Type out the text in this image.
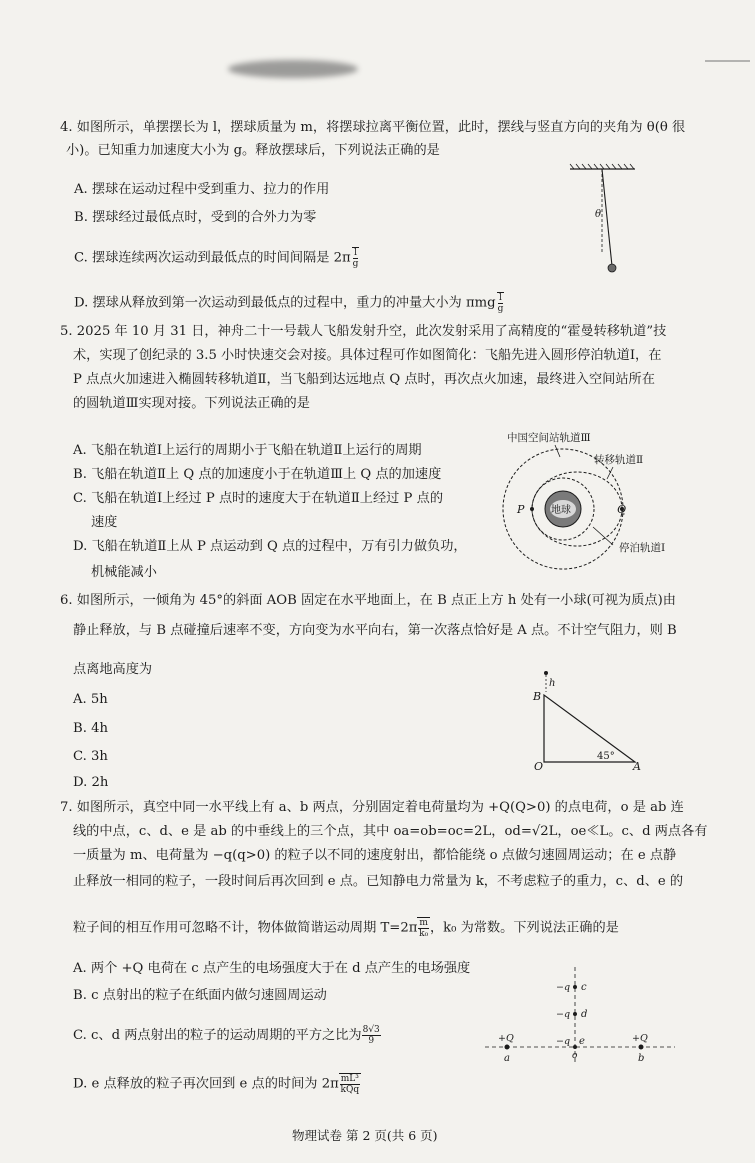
4. 如图所示，单摆摆长为 l，摆球质量为 m，将摆球拉离平衡位置，此时，摆线与竖直方向的夹角为 θ(θ 很
小)。已知重力加速度大小为 g。释放摆球后，下列说法正确的是
A. 摆球在运动过程中受到重力、拉力的作用
B. 摆球经过最低点时，受到的合外力为零
C. 摆球连续两次运动到最低点的时间间隔是 $2\pi \frac{l}{g}$
D. 摆球从释放到第一次运动到最低点的过程中，重力的冲量大小为 πmg $\frac{l}{g}$
θ
5. 2025 年 10 月 31 日，神舟二十一号载人飞船发射升空，此次发射采用了高精度的“霍曼转移轨道”技
术，实现了创纪录的 3.5 小时快速交会对接。具体过程可作如图简化：飞船先进入圆形停泊轨道Ⅰ，在
P 点点火加速进入椭圆转移轨道Ⅱ，当飞船到达远地点 Q 点时，再次点火加速，最终进入空间站所在
的圆轨道Ⅲ实现对接。下列说法正确的是
A. 飞船在轨道Ⅰ上运行的周期小于飞船在轨道Ⅱ上运行的周期
B. 飞船在轨道Ⅱ上 Q 点的加速度小于在轨道Ⅲ上 Q 点的加速度
C. 飞船在轨道Ⅰ上经过 P 点时的速度大于在轨道Ⅱ上经过 P 点的
速度
D. 飞船在轨道Ⅱ上从 P 点运动到 Q 点的过程中，万有引力做负功，
机械能减小
中国空间站轨道Ⅲ
地球
P	Q
转移轨道Ⅱ
停泊轨道Ⅰ
6. 如图所示，一倾角为 45°的斜面 AOB 固定在水平地面上，在 B 点正上方 h 处有一小球(可视为质点)由
静止释放，与 B 点碰撞后速率不变，方向变为水平向右，第一次落点恰好是 A 点。不计空气阻力，则 B
点离地高度为
A. 5h
B. 4h
C. 3h
D. 2h
h
B
O	A
45°
7. 如图所示，真空中同一水平线上有 a、b 两点，分别固定着电荷量均为 +Q(Q>0) 的点电荷，o 是 ab 连
线的中点，c、d、e 是 ab 的中垂线上的三个点，其中 oa=ob=oc=2L，od=√2L，oe≪L。c、d 两点各有
一质量为 m、电荷量为 −q(q>0) 的粒子以不同的速度射出，都恰能绕 o 点做匀速圆周运动；在 e 点静
止释放一相同的粒子，一段时间后再次回到 e 点。已知静电力常量为 k，不考虑粒子的重力，c、d、e 的
粒子间的相互作用可忽略不计，物体做简谐运动周期 $T=2\pi \frac{m}{\text{k₀}}$ ，k₀ 为常数。下列说法正确的是
A. 两个 +Q 电荷在 c 点产生的电场强度大于在 d 点产生的电场强度
B. c 点射出的粒子在纸面内做匀速圆周运动
C. c、d 两点射出的粒子的运动周期的平方之比为 $\frac{8√3}{9}$
D. e 点释放的粒子再次回到 e 点的时间为 2π mL³
kQq
−q c
−q d
−q e
o
+Q
a
+Q
b
物理试卷 第 2 页(共 6 页)
